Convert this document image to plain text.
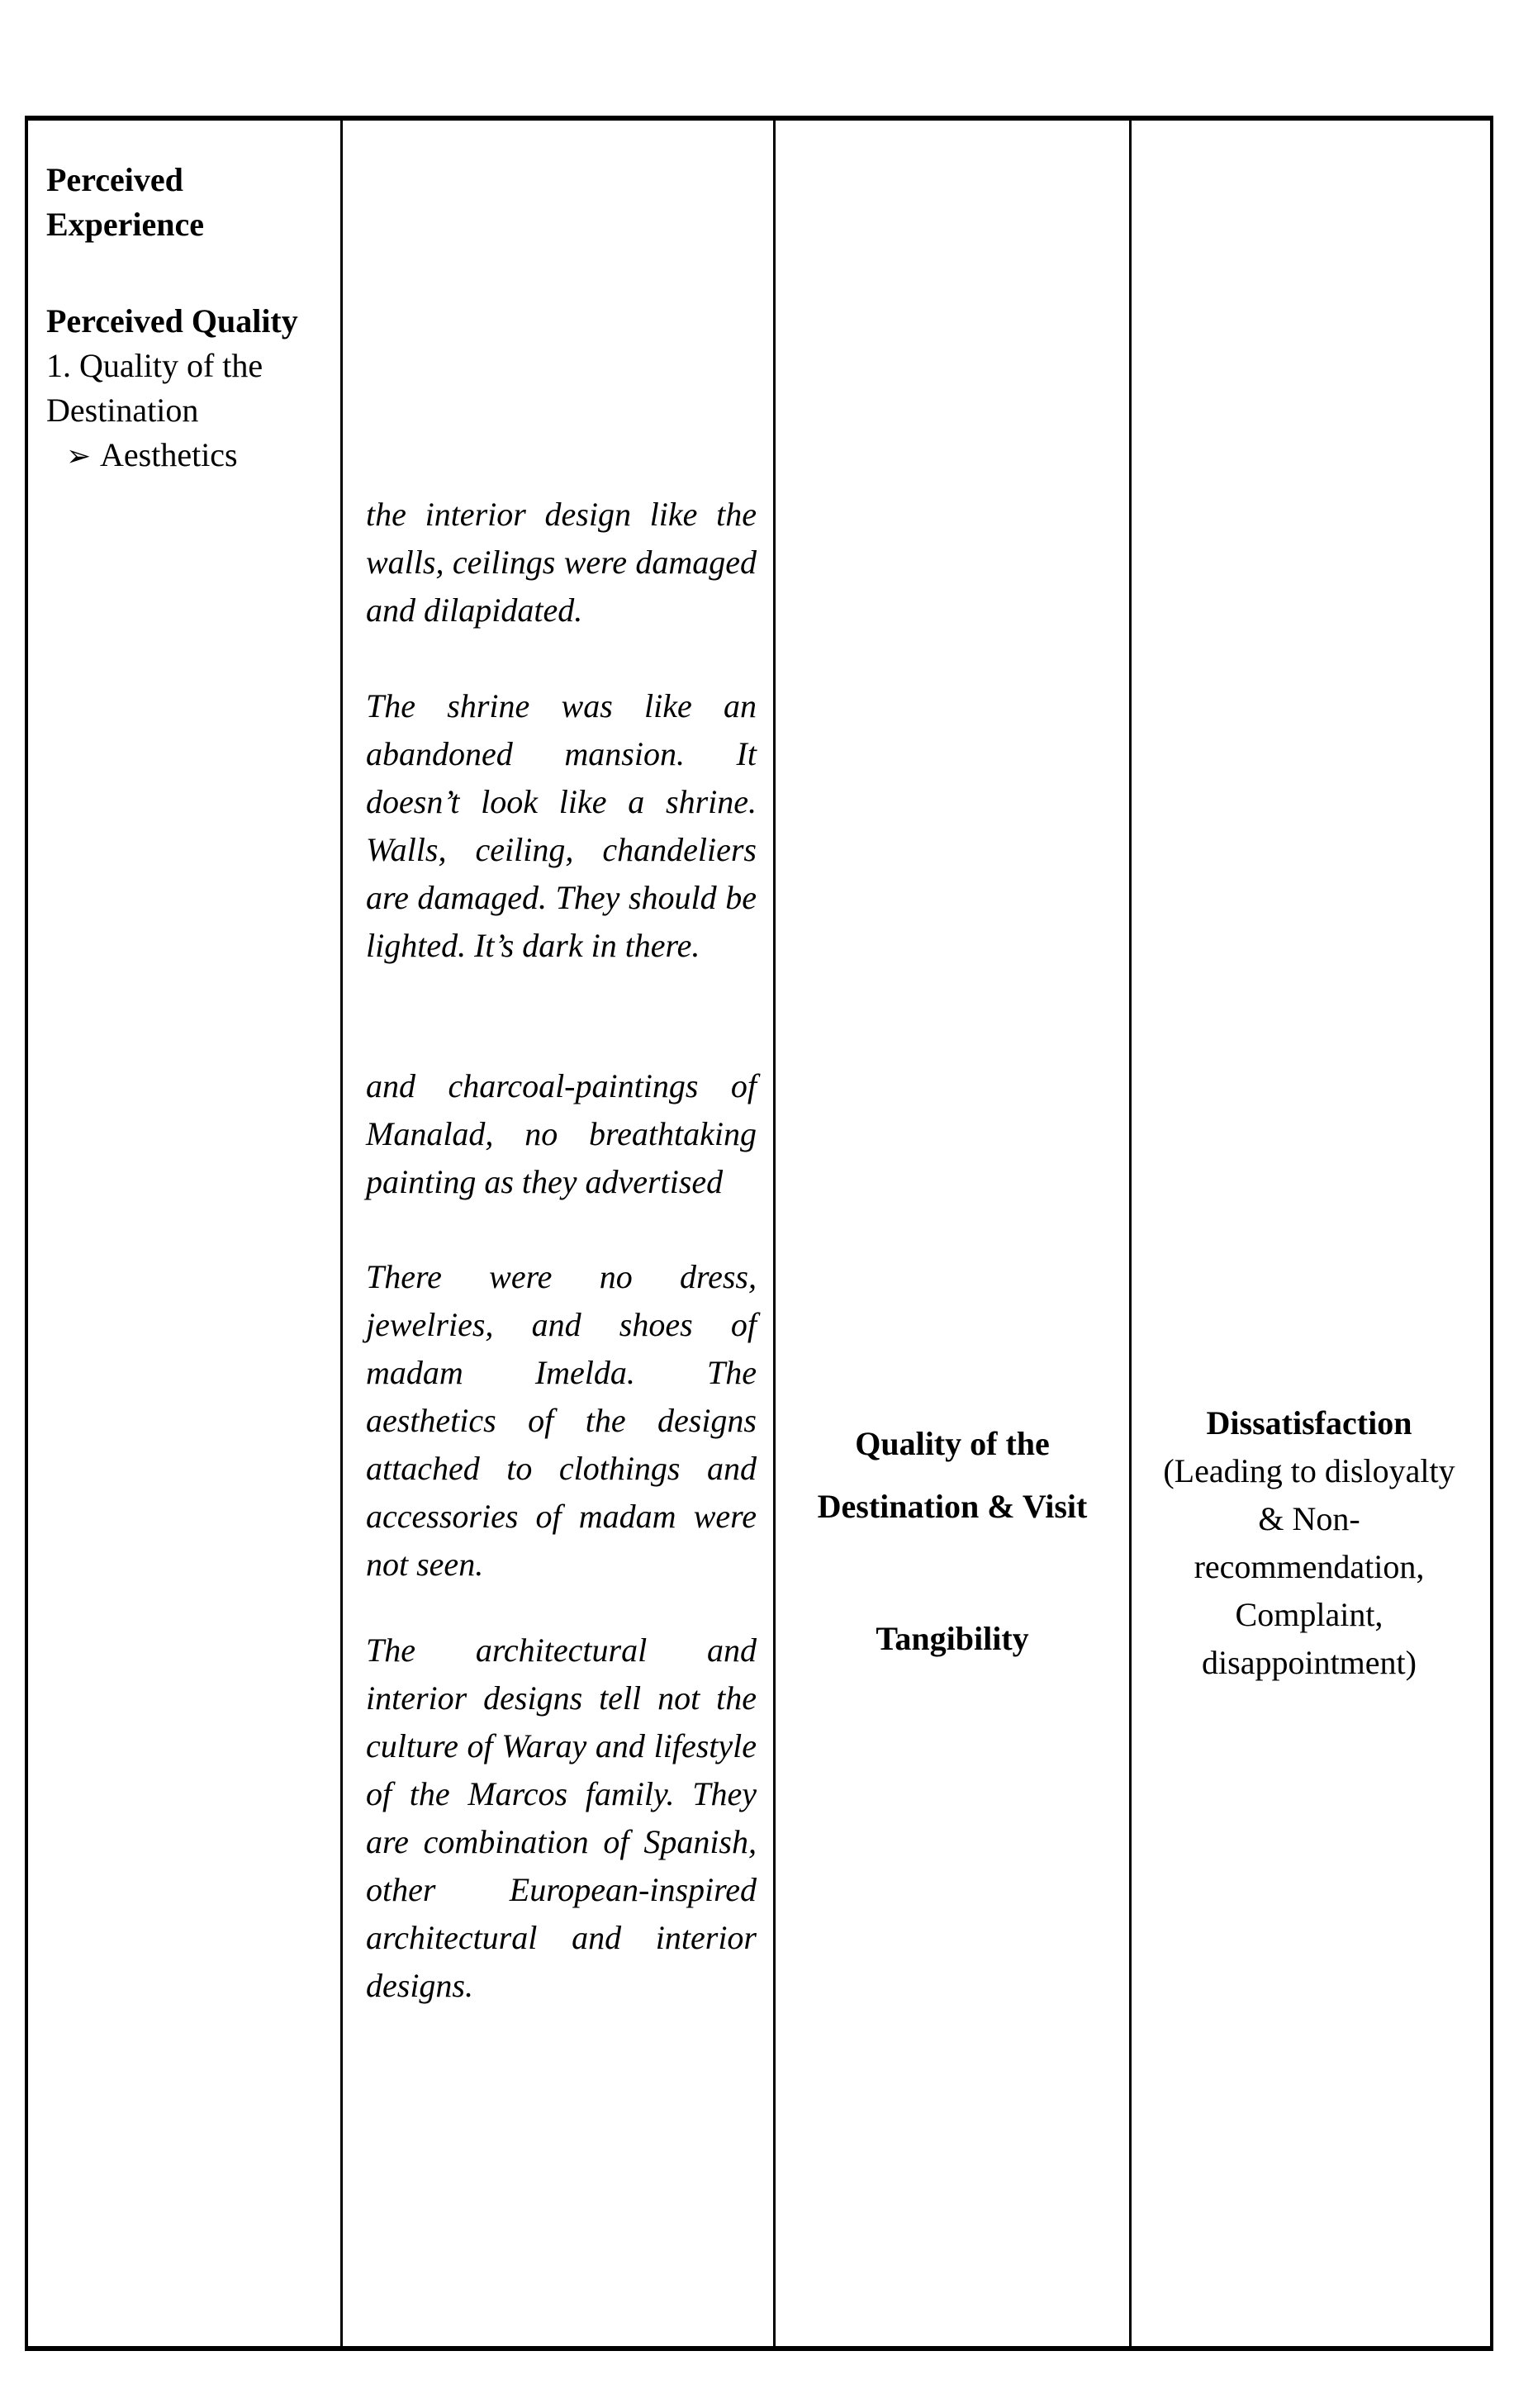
Perceived Experience

Perceived Quality

1. Quality of the Destination

➢ Aesthetics

the interior design like the walls, ceilings were damaged and dilapidated.

The shrine was like an abandoned mansion. It doesn’t look like a shrine. Walls, ceiling, chandeliers are damaged. They should be lighted. It’s dark in there.

and charcoal-paintings of Manalad, no breathtaking painting as they advertised

There were no dress, jewelries, and shoes of madam Imelda. The aesthetics of the designs attached to clothings and accessories of madam were not seen.

The architectural and interior designs tell not the culture of Waray and lifestyle of the Marcos family. They are combination of Spanish, other European-inspired architectural and interior designs.

Quality of the Destination & Visit

Tangibility

Dissatisfaction

(Leading to disloyalty & Non-recommendation, Complaint, disappointment)
